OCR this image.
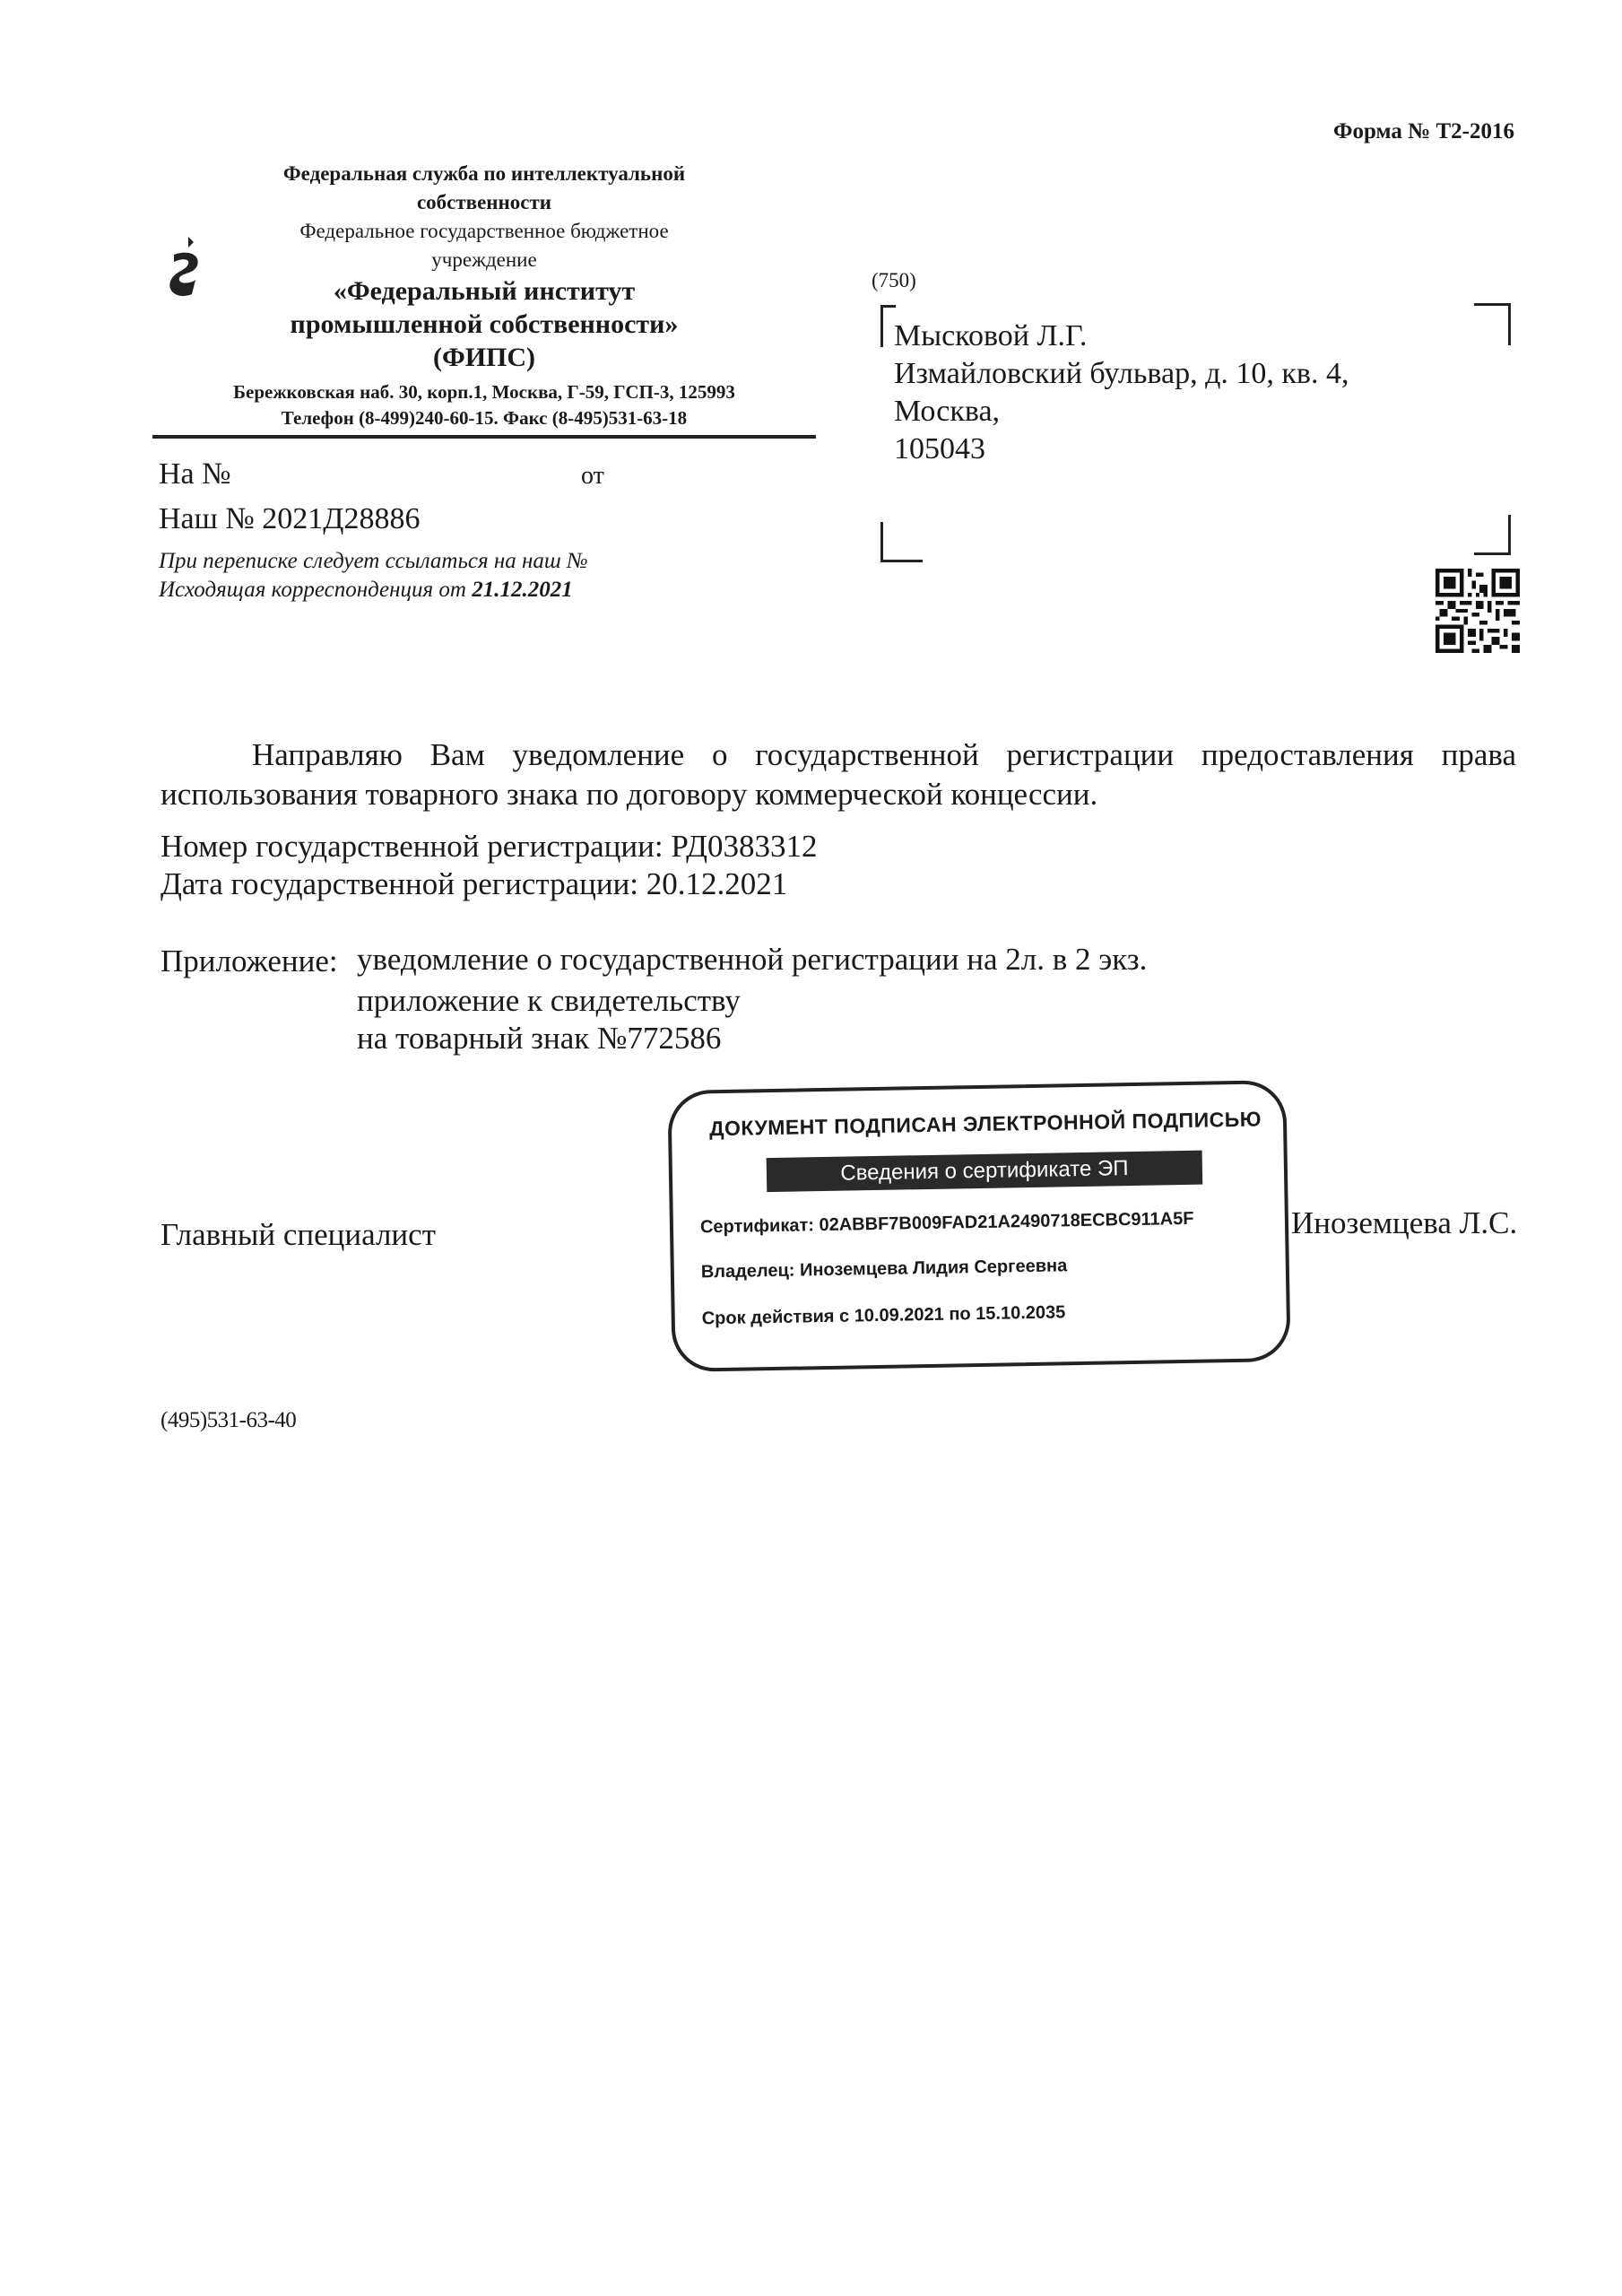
Форма № Т2-2016
Федеральная служба по интеллектуальной
собственности
Федеральное государственное бюджетное
учреждение
«Федеральный институт
промышленной собственности»
(ФИПС)
Бережковская наб. 30, корп.1, Москва, Г-59, ГСП-3, 125993
Телефон (8-499)240-60-15. Факс (8-495)531-63-18
На №	от
Наш № 2021Д28886
При переписке следует ссылаться на наш №
Исходящая корреспонденция от 21.12.2021
(750)
Мысковой Л.Г.
Измайловский бульвар, д. 10, кв. 4,
Москва,
105043
Направляю Вам уведомление о государственной регистрации предоставления права использования товарного знака по договору коммерческой концессии.
Номер государственной регистрации: РД0383312
Дата государственной регистрации: 20.12.2021
Приложение: уведомление о государственной регистрации на 2л. в 2 экз.
приложение к свидетельству
на товарный знак №772586
Главный специалист	Иноземцева Л.С.
ДОКУМЕНТ ПОДПИСАН ЭЛЕКТРОННОЙ ПОДПИСЬЮ
Сведения о сертификате ЭП
Сертификат: 02ABBF7B009FAD21A2490718ECBC911A5F
Владелец: Иноземцева Лидия Сергеевна
Срок действия с 10.09.2021 по 15.10.2035
(495)531-63-40
